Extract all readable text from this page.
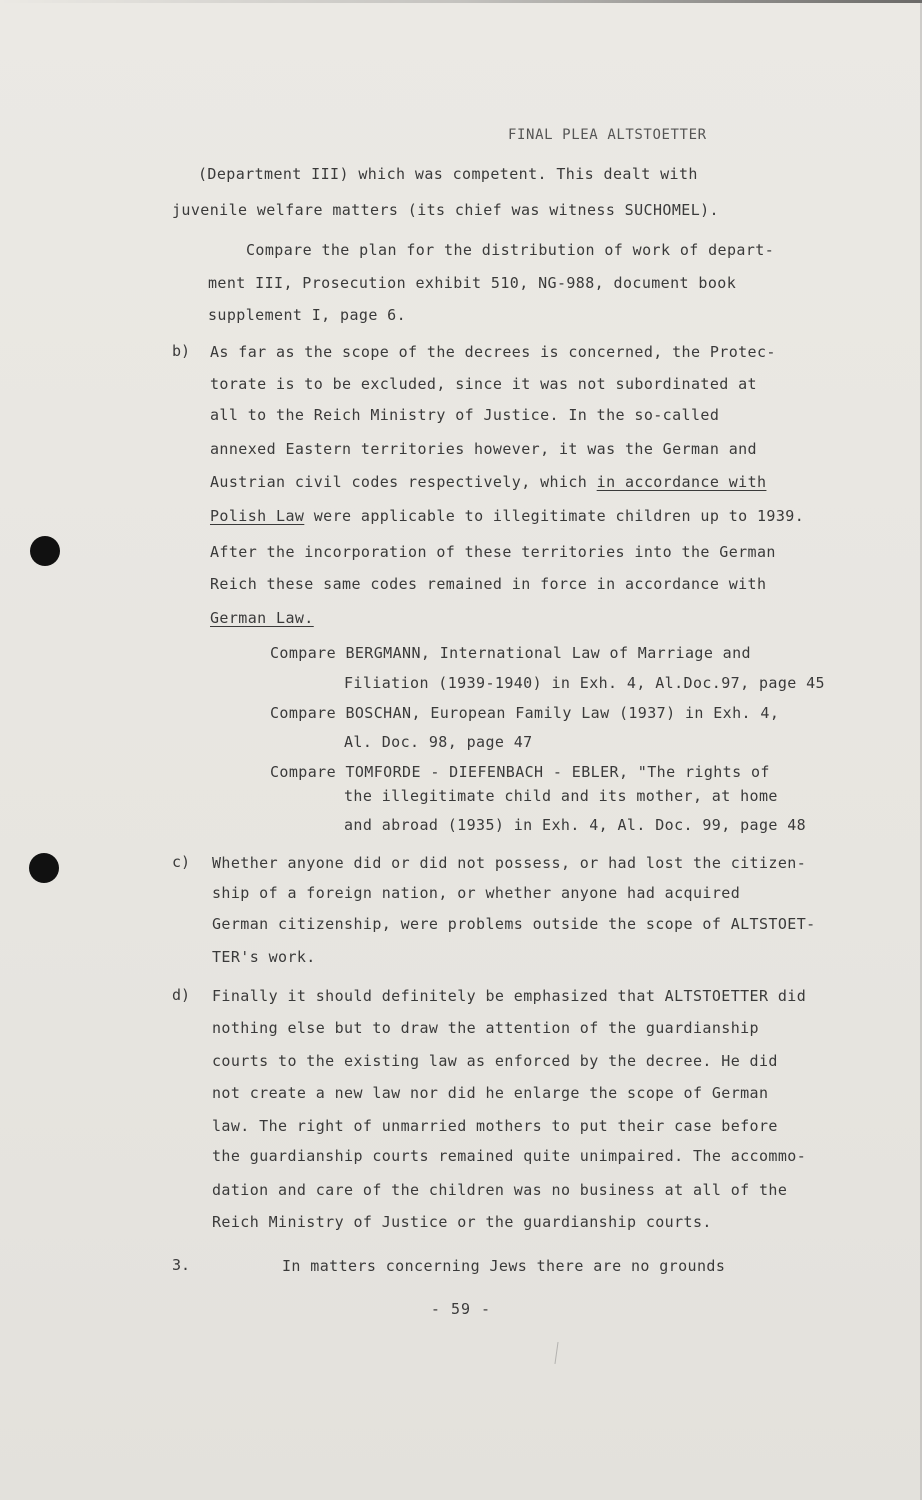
FINAL PLEA ALTSTOETTER
(Department III) which was competent. This dealt with
juvenile welfare matters (its chief was witness SUCHOMEL).
Compare the plan for the distribution of work of depart-
ment III, Prosecution exhibit 510, NG-988, document book
supplement I, page 6.
b) As far as the scope of the decrees is concerned, the Protec-
torate is to be excluded, since it was not subordinated at
all to the Reich Ministry of Justice. In the so-called
annexed Eastern territories however, it was the German and
Austrian civil codes respectively, which in accordance with
Polish Law were applicable to illegitimate children up to 1939.
After the incorporation of these territories into the German
Reich these same codes remained in force in accordance with
German Law.
Compare BERGMANN, International Law of Marriage and
Filiation (1939-1940) in Exh. 4, Al.Doc.97, page 45
Compare BOSCHAN, European Family Law (1937) in Exh. 4,
Al. Doc. 98, page 47
Compare TOMFORDE - DIEFENBACH - EBLER, "The rights of
the illegitimate child and its mother, at home
and abroad (1935) in Exh. 4, Al. Doc. 99, page 48
c) Whether anyone did or did not possess, or had lost the citizen-
ship of a foreign nation, or whether anyone had acquired
German citizenship, were problems outside the scope of ALTSTOET-
TER's work.
d) Finally it should definitely be emphasized that ALTSTOETTER did
nothing else but to draw the attention of the guardianship
courts to the existing law as enforced by the decree. He did
not create a new law nor did he enlarge the scope of German
law. The right of unmarried mothers to put their case before
the guardianship courts remained quite unimpaired. The accommo-
dation and care of the children was no business at all of the
Reich Ministry of Justice or the guardianship courts.
3.	In matters concerning Jews there are no grounds
- 59 -
